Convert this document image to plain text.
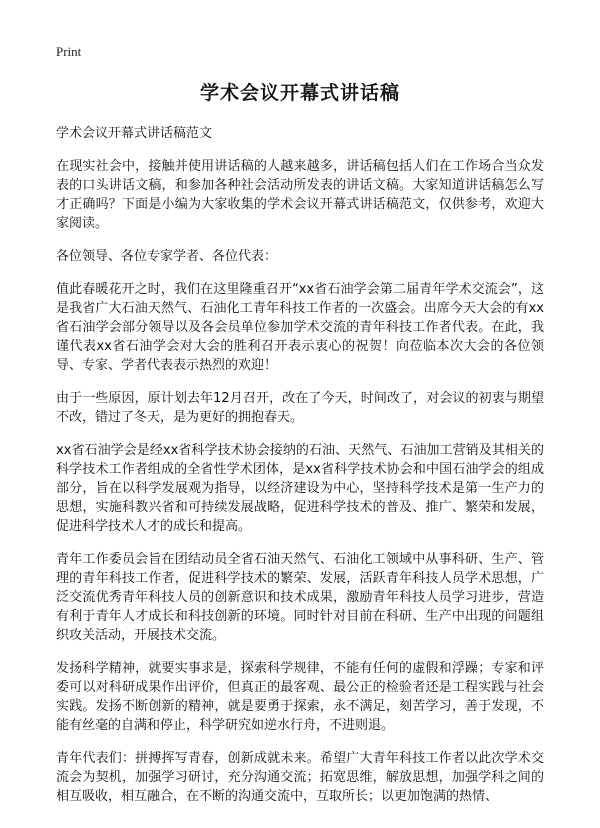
Print
学术会议开幕式讲话稿

学术会议开幕式讲话稿范文

在现实社会中，接触并使用讲话稿的人越来越多，讲话稿包括人们在工作场合当众发表的口头讲话文稿，和参加各种社会活动所发表的讲话文稿。大家知道讲话稿怎么写才正确吗？下面是小编为大家收集的学术会议开幕式讲话稿范文，仅供参考，欢迎大家阅读。

各位领导、各位专家学者、各位代表：

值此春暖花开之时，我们在这里隆重召开“xx省石油学会第二届青年学术交流会”，这是我省广大石油天然气、石油化工青年科技工作者的一次盛会。出席今天大会的有xx省石油学会部分领导以及各会员单位参加学术交流的青年科技工作者代表。在此，我谨代表xx省石油学会对大会的胜利召开表示衷心的祝贺！向莅临本次大会的各位领导、专家、学者代表表示热烈的欢迎！

由于一些原因，原计划去年12月召开，改在了今天，时间改了，对会议的初衷与期望不改，错过了冬天，是为更好的拥抱春天。

xx省石油学会是经xx省科学技术协会接纳的石油、天然气、石油加工营销及其相关的科学技术工作者组成的全省性学术团体，是xx省科学技术协会和中国石油学会的组成部分，旨在以科学发展观为指导，以经济建设为中心，坚持科学技术是第一生产力的思想，实施科教兴省和可持续发展战略，促进科学技术的普及、推广、繁荣和发展，促进科学技术人才的成长和提高。

青年工作委员会旨在团结动员全省石油天然气、石油化工领域中从事科研、生产、管理的青年科技工作者，促进科学技术的繁荣、发展，活跃青年科技人员学术思想，广泛交流优秀青年科技人员的创新意识和技术成果，激励青年科技人员学习进步，营造有利于青年人才成长和科技创新的环境。同时针对目前在科研、生产中出现的问题组织攻关活动，开展技术交流。

发扬科学精神，就要实事求是，探索科学规律，不能有任何的虚假和浮躁；专家和评委可以对科研成果作出评价，但真正的最客观、最公正的检验者还是工程实践与社会实践。发扬不断创新的精神，就是要勇于探索，永不满足，刻苦学习，善于发现，不能有丝毫的自满和停止，科学研究如逆水行舟，不进则退。

青年代表们：拼搏挥写青春，创新成就未来。希望广大青年科技工作者以此次学术交流会为契机，加强学习研讨，充分沟通交流；拓宽思维，解放思想，加强学科之间的相互吸收，相互融合，在不断的沟通交流中，互取所长；以更加饱满的热情、
